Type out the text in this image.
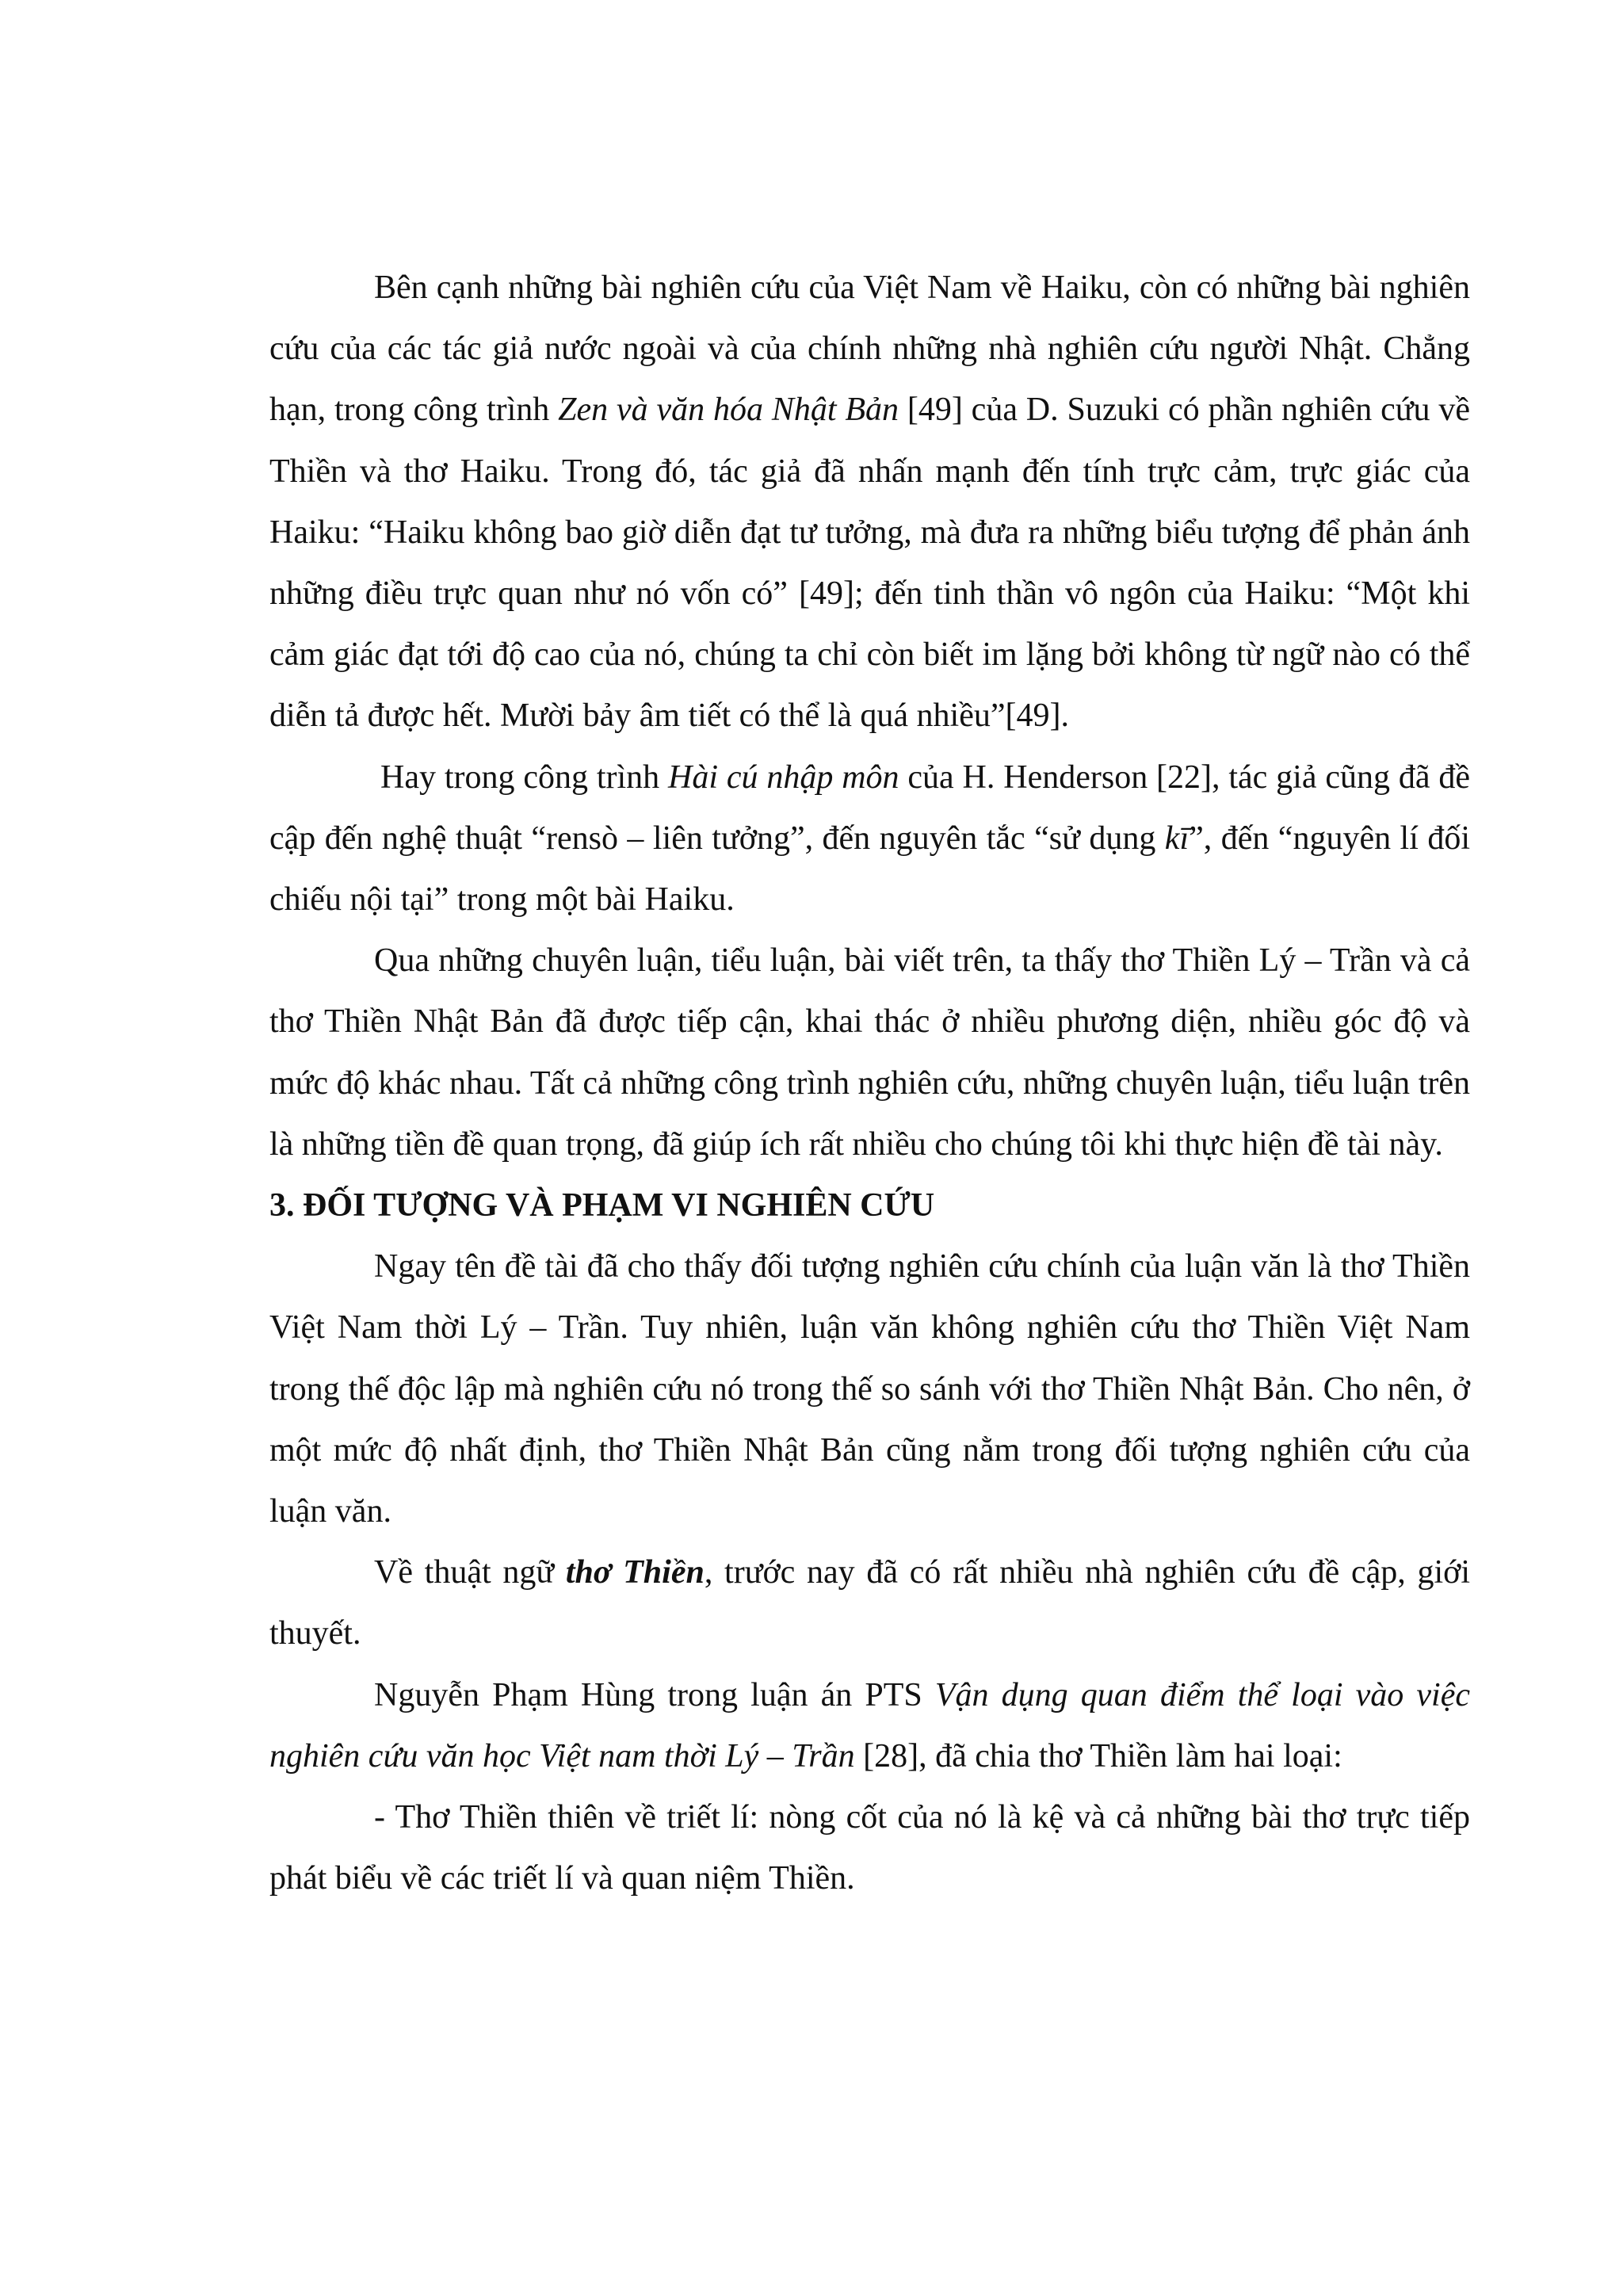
Bên cạnh những bài nghiên cứu của Việt Nam về Haiku, còn có những bài nghiên cứu của các tác giả nước ngoài và của chính những nhà nghiên cứu người Nhật. Chẳng hạn, trong công trình Zen và văn hóa Nhật Bản [49] của D. Suzuki có phần nghiên cứu về Thiền và thơ Haiku. Trong đó, tác giả đã nhấn mạnh đến tính trực cảm, trực giác của Haiku: “Haiku không bao giờ diễn đạt tư tưởng, mà đưa ra những biểu tượng để phản ánh những điều trực quan như nó vốn có” [49]; đến tinh thần vô ngôn của Haiku: “Một khi cảm giác đạt tới độ cao của nó, chúng ta chỉ còn biết im lặng bởi không từ ngữ nào có thể diễn tả được hết. Mười bảy âm tiết có thể là quá nhiều”[49].

Hay trong công trình Hài cú nhập môn của H. Henderson [22], tác giả cũng đã đề cập đến nghệ thuật “rensò – liên tưởng”, đến nguyên tắc “sử dụng kī”, đến “nguyên lí đối chiếu nội tại” trong một bài Haiku.

Qua những chuyên luận, tiểu luận, bài viết trên, ta thấy thơ Thiền Lý – Trần và cả thơ Thiền Nhật Bản đã được tiếp cận, khai thác ở nhiều phương diện, nhiều góc độ và mức độ khác nhau. Tất cả những công trình nghiên cứu, những chuyên luận, tiểu luận trên là những tiền đề quan trọng, đã giúp ích rất nhiều cho chúng tôi khi thực hiện đề tài này.

3. ĐỐI TƯỢNG VÀ PHẠM VI NGHIÊN CỨU

Ngay tên đề tài đã cho thấy đối tượng nghiên cứu chính của luận văn là thơ Thiền Việt Nam thời Lý – Trần. Tuy nhiên, luận văn không nghiên cứu thơ Thiền Việt Nam trong thế độc lập mà nghiên cứu nó trong thế so sánh với thơ Thiền Nhật Bản. Cho nên, ở một mức độ nhất định, thơ Thiền Nhật Bản cũng nằm trong đối tượng nghiên cứu của luận văn.

Về thuật ngữ thơ Thiền, trước nay đã có rất nhiều nhà nghiên cứu đề cập, giới thuyết.

Nguyễn Phạm Hùng trong luận án PTS Vận dụng quan điểm thể loại vào việc nghiên cứu văn học Việt nam thời Lý – Trần [28], đã chia thơ Thiền làm hai loại:

- Thơ Thiền thiên về triết lí: nòng cốt của nó là kệ và cả những bài thơ trực tiếp phát biểu về các triết lí và quan niệm Thiền.
